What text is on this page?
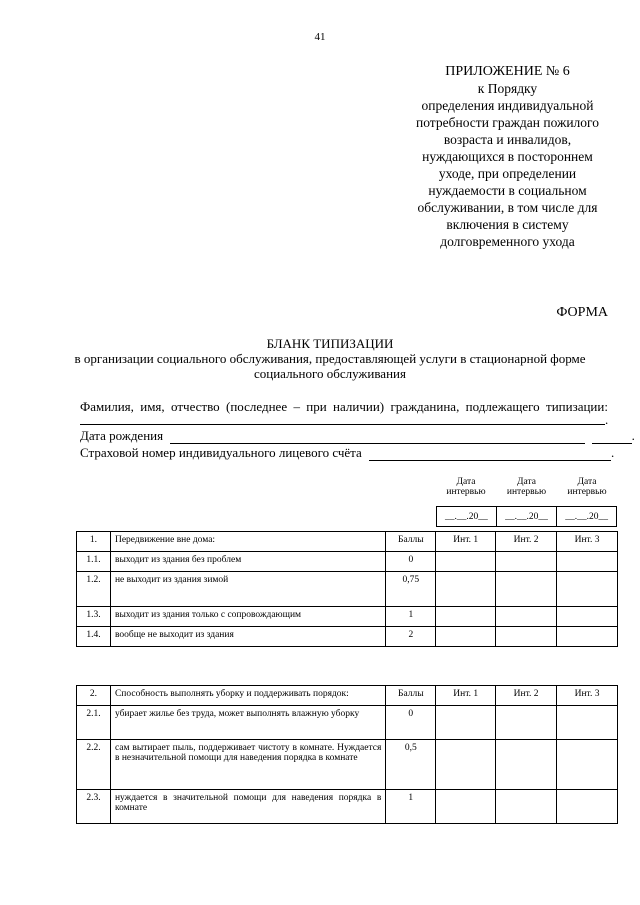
41
ПРИЛОЖЕНИЕ № 6
к Порядку
определения индивидуальной
потребности граждан пожилого
возраста и инвалидов,
нуждающихся в постороннем
уходе, при определении
нуждаемости в социальном
обслуживании, в том числе для
включения в систему
долговременного ухода
ФОРМА
БЛАНК ТИПИЗАЦИИ
в организации социального обслуживания, предоставляющей услуги в стационарной форме
социального обслуживания
Фамилия, имя, отчество (последнее – при наличии) гражданина, подлежащего типизации:
.
Дата рождения	.
Страховой номер индивидуального лицевого счёта	.
Дата интервью	Дата интервью	Дата интервью
__.__.20__	__.__.20__	__.__.20__
1.	Передвижение вне дома:	Баллы	Инт. 1	Инт. 2	Инт. 3
1.1.	выходит из здания без проблем	0			
1.2.	не выходит из здания зимой	0,75			
1.3.	выходит из здания только с сопровождающим	1			
1.4.	вообще не выходит из здания	2			
2.	Способность выполнять уборку и поддерживать порядок:	Баллы	Инт. 1	Инт. 2	Инт. 3
2.1.	убирает жилье без труда, может выполнять влажную уборку	0			
2.2.	сам вытирает пыль, поддерживает чистоту в комнате. Нуждается в незначительной помощи для наведения порядка в комнате	0,5			
2.3.	нуждается в значительной помощи для наведения порядка в комнате	1			
